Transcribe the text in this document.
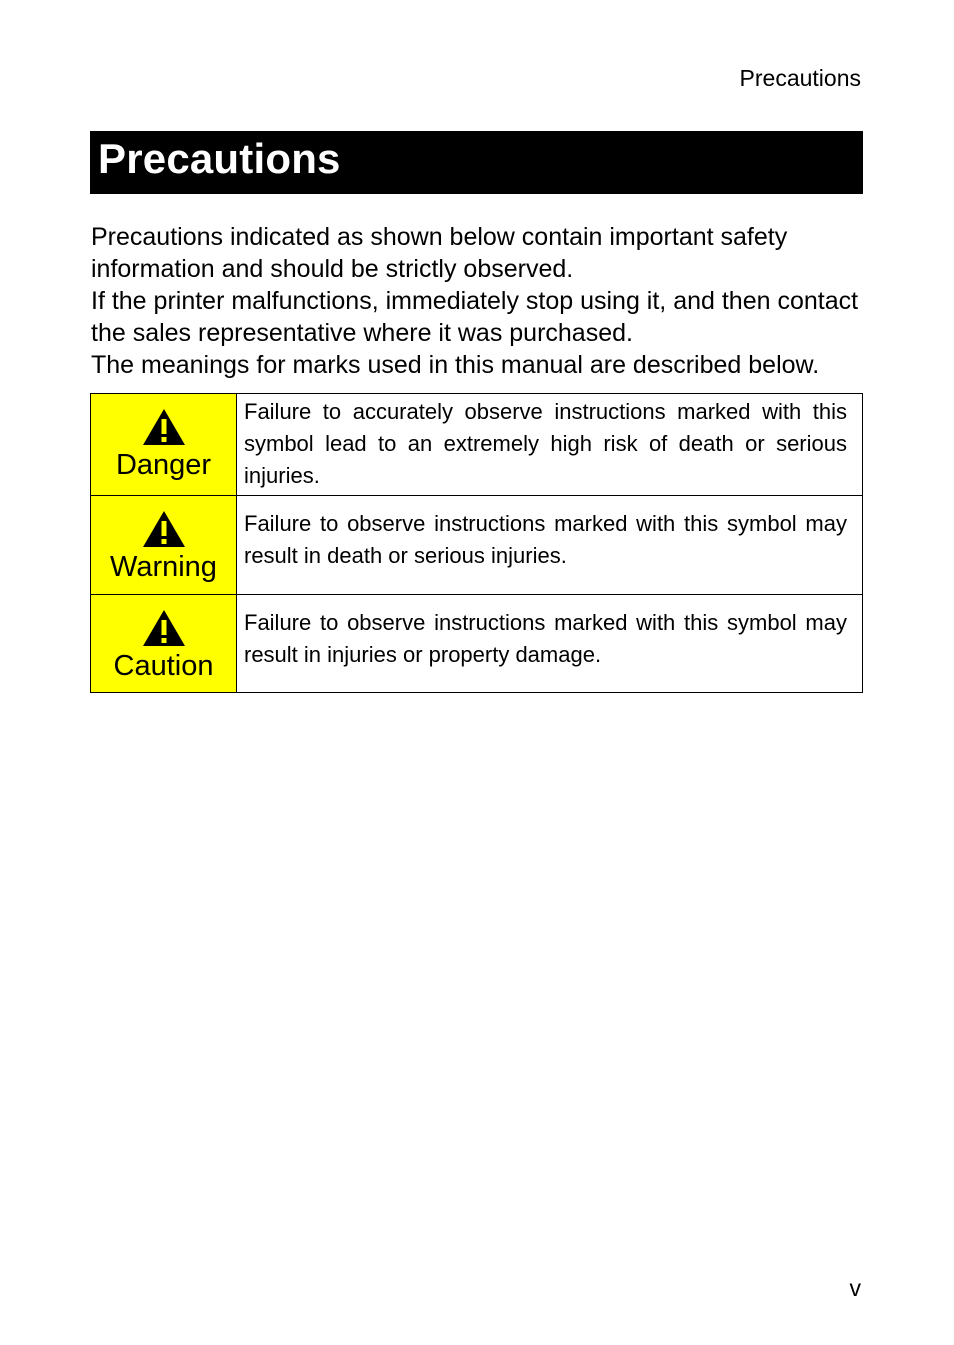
Precautions
Precautions

Precautions indicated as shown below contain important safety information and should be strictly observed.

If the printer malfunctions, immediately stop using it, and then contact the sales representative where it was purchased.

The meanings for marks used in this manual are described below.

Danger	Failure to accurately observe instructions marked with this symbol lead to an extremely high risk of death or serious injuries.

Warning	Failure to observe instructions marked with this symbol may result in death or serious injuries.

Caution	Failure to observe instructions marked with this symbol may result in injuries or property damage.
v
